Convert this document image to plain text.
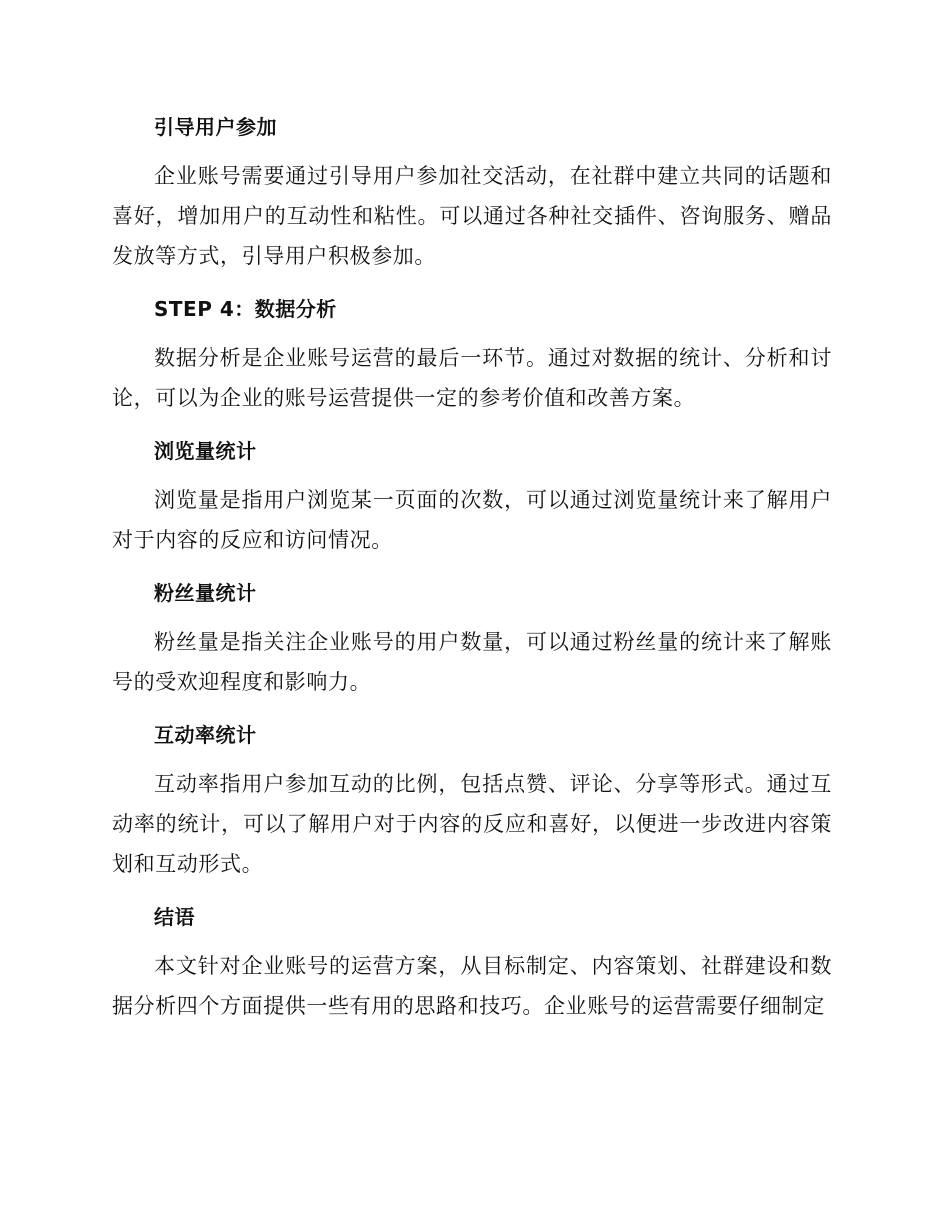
引导用户参加

企业账号需要通过引导用户参加社交活动，在社群中建立共同的话题和喜好，增加用户的互动性和粘性。可以通过各种社交插件、咨询服务、赠品发放等方式，引导用户积极参加。

STEP 4：数据分析

数据分析是企业账号运营的最后一环节。通过对数据的统计、分析和讨论，可以为企业的账号运营提供一定的参考价值和改善方案。

浏览量统计

浏览量是指用户浏览某一页面的次数，可以通过浏览量统计来了解用户对于内容的反应和访问情况。

粉丝量统计

粉丝量是指关注企业账号的用户数量，可以通过粉丝量的统计来了解账号的受欢迎程度和影响力。

互动率统计

互动率指用户参加互动的比例，包括点赞、评论、分享等形式。通过互动率的统计，可以了解用户对于内容的反应和喜好，以便进一步改进内容策划和互动形式。

结语

本文针对企业账号的运营方案，从目标制定、内容策划、社群建设和数据分析四个方面提供一些有用的思路和技巧。企业账号的运营需要仔细制定
